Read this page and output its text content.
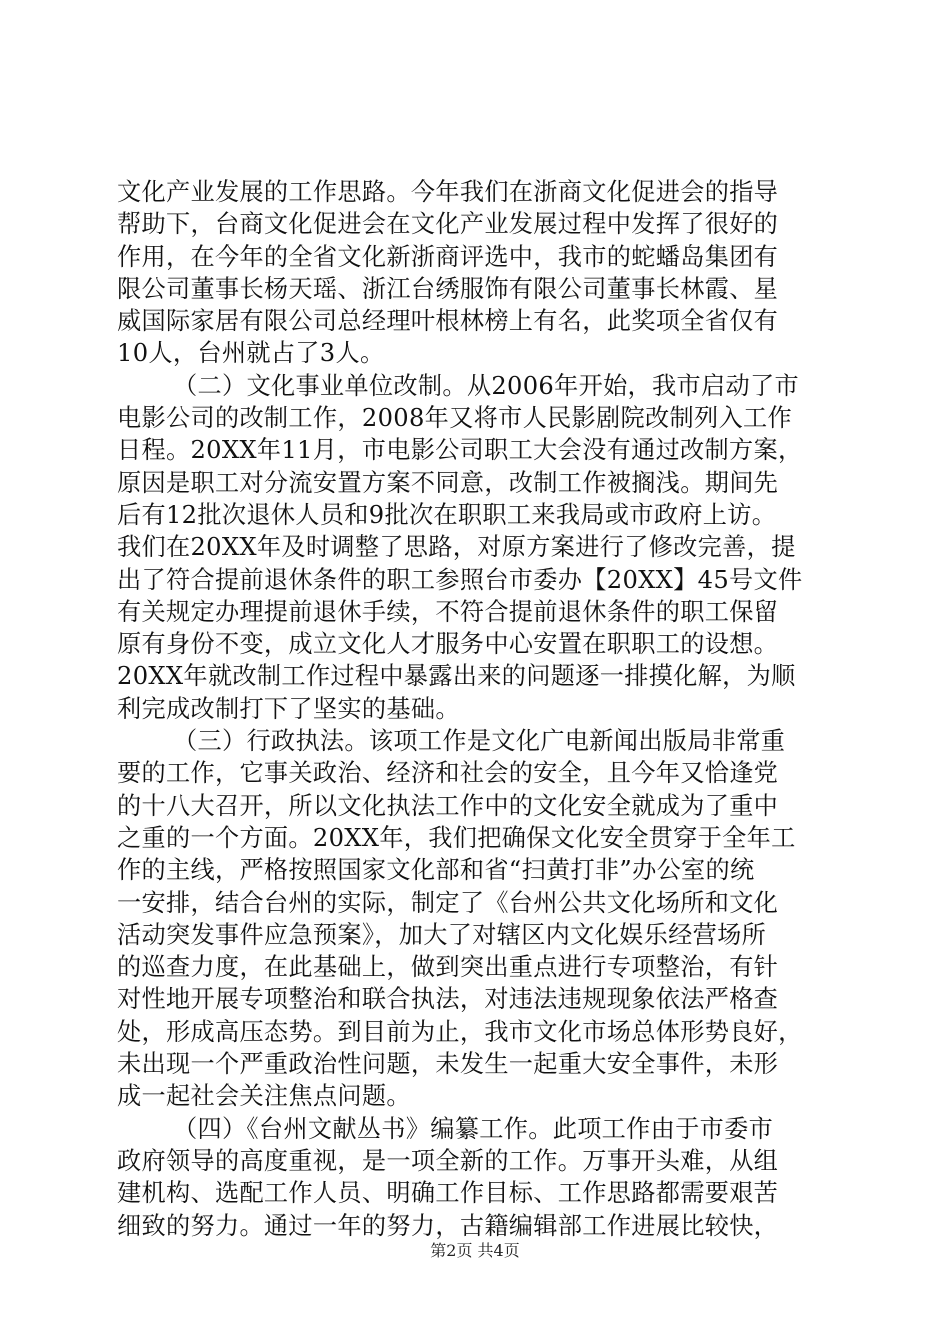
文化产业发展的工作思路。今年我们在浙商文化促进会的指导
帮助下，台商文化促进会在文化产业发展过程中发挥了很好的
作用，在今年的全省文化新浙商评选中，我市的蛇蟠岛集团有
限公司董事长杨天瑶、浙江台绣服饰有限公司董事长林霞、星
威国际家居有限公司总经理叶根林榜上有名，此奖项全省仅有
10人，台州就占了3人。
（二）文化事业单位改制。从2006年开始，我市启动了市
电影公司的改制工作，2008年又将市人民影剧院改制列入工作
日程。20XX年11月，市电影公司职工大会没有通过改制方案，
原因是职工对分流安置方案不同意，改制工作被搁浅。期间先
后有12批次退休人员和9批次在职职工来我局或市政府上访。
我们在20XX年及时调整了思路，对原方案进行了修改完善，提
出了符合提前退休条件的职工参照台市委办【20XX】45号文件
有关规定办理提前退休手续，不符合提前退休条件的职工保留
原有身份不变，成立文化人才服务中心安置在职职工的设想。
20XX年就改制工作过程中暴露出来的问题逐一排摸化解，为顺
利完成改制打下了坚实的基础。
（三）行政执法。该项工作是文化广电新闻出版局非常重
要的工作，它事关政治、经济和社会的安全，且今年又恰逢党
的十八大召开，所以文化执法工作中的文化安全就成为了重中
之重的一个方面。20XX年，我们把确保文化安全贯穿于全年工
作的主线，严格按照国家文化部和省“扫黄打非”办公室的统
一安排，结合台州的实际，制定了《台州公共文化场所和文化
活动突发事件应急预案》，加大了对辖区内文化娱乐经营场所
的巡查力度，在此基础上，做到突出重点进行专项整治，有针
对性地开展专项整治和联合执法，对违法违规现象依法严格查
处，形成高压态势。到目前为止，我市文化市场总体形势良好，
未出现一个严重政治性问题，未发生一起重大安全事件，未形
成一起社会关注焦点问题。
（四）《台州文献丛书》编纂工作。此项工作由于市委市
政府领导的高度重视，是一项全新的工作。万事开头难，从组
建机构、选配工作人员、明确工作目标、工作思路都需要艰苦
细致的努力。通过一年的努力，古籍编辑部工作进展比较快，
第2页 共4页
